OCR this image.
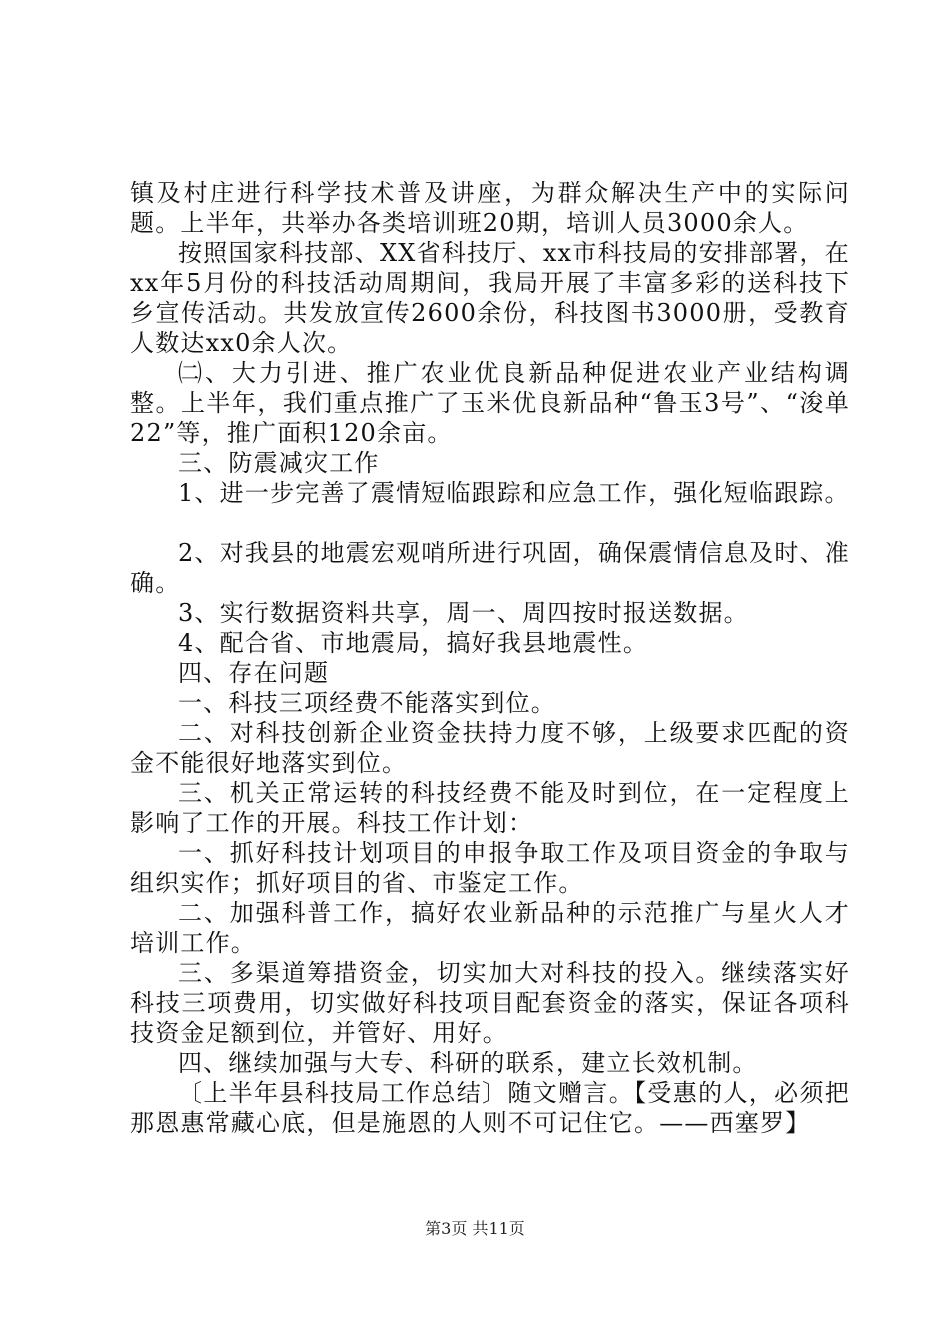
镇及村庄进行科学技术普及讲座，为群众解决生产中的实际问题。上半年，共举办各类培训班20期，培训人员3000余人。

按照国家科技部、XX省科技厅、xx市科技局的安排部署，在xx年5月份的科技活动周期间，我局开展了丰富多彩的送科技下乡宣传活动。共发放宣传2600余份，科技图书3000册，受教育人数达xx0余人次。

㈡、大力引进、推广农业优良新品种促进农业产业结构调整。上半年，我们重点推广了玉米优良新品种“鲁玉3号”、“浚单22”等，推广面积120余亩。

三、防震减灾工作

1、进一步完善了震情短临跟踪和应急工作，强化短临跟踪。

2、对我县的地震宏观哨所进行巩固，确保震情信息及时、准确。

3、实行数据资料共享，周一、周四按时报送数据。

4、配合省、市地震局，搞好我县地震性。

四、存在问题

一、科技三项经费不能落实到位。

二、对科技创新企业资金扶持力度不够，上级要求匹配的资金不能很好地落实到位。

三、机关正常运转的科技经费不能及时到位，在一定程度上影响了工作的开展。科技工作计划：

一、抓好科技计划项目的申报争取工作及项目资金的争取与组织实作；抓好项目的省、市鉴定工作。

二、加强科普工作，搞好农业新品种的示范推广与星火人才培训工作。

三、多渠道筹措资金，切实加大对科技的投入。继续落实好科技三项费用，切实做好科技项目配套资金的落实，保证各项科技资金足额到位，并管好、用好。

四、继续加强与大专、科研的联系，建立长效机制。

〔上半年县科技局工作总结〕随文赠言。【受惠的人，必须把那恩惠常藏心底，但是施恩的人则不可记住它。——西塞罗】

第3页 共11页
